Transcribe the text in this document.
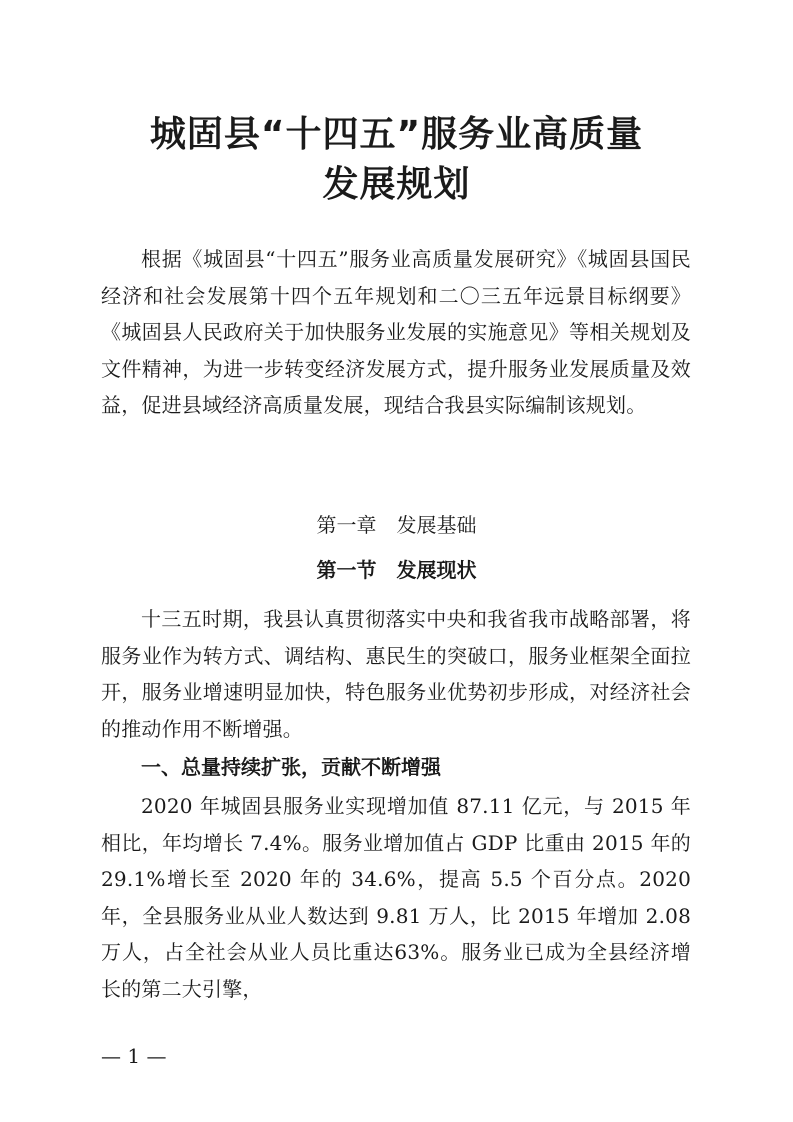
城固县“十四五”服务业高质量
发展规划
根据《城固县“十四五”服务业高质量发展研究》《城固县国民经济和社会发展第十四个五年规划和二〇三五年远景目标纲要》《城固县人民政府关于加快服务业发展的实施意见》等相关规划及文件精神，为进一步转变经济发展方式，提升服务业发展质量及效益，促进县域经济高质量发展，现结合我县实际编制该规划。
第一章　发展基础
第一节　发展现状
十三五时期，我县认真贯彻落实中央和我省我市战略部署，将服务业作为转方式、调结构、惠民生的突破口，服务业框架全面拉开，服务业增速明显加快，特色服务业优势初步形成，对经济社会的推动作用不断增强。
一、总量持续扩张，贡献不断增强
2020 年城固县服务业实现增加值 87.11 亿元，与 2015 年相比，年均增长 7.4%。服务业增加值占 GDP 比重由 2015 年的 29.1%增长至 2020 年的 34.6%，提高 5.5 个百分点。2020 年，全县服务业从业人数达到 9.81 万人，比 2015 年增加 2.08 万人，占全社会从业人员比重达63%。服务业已成为全县经济增长的第二大引擎，
— 1 —
